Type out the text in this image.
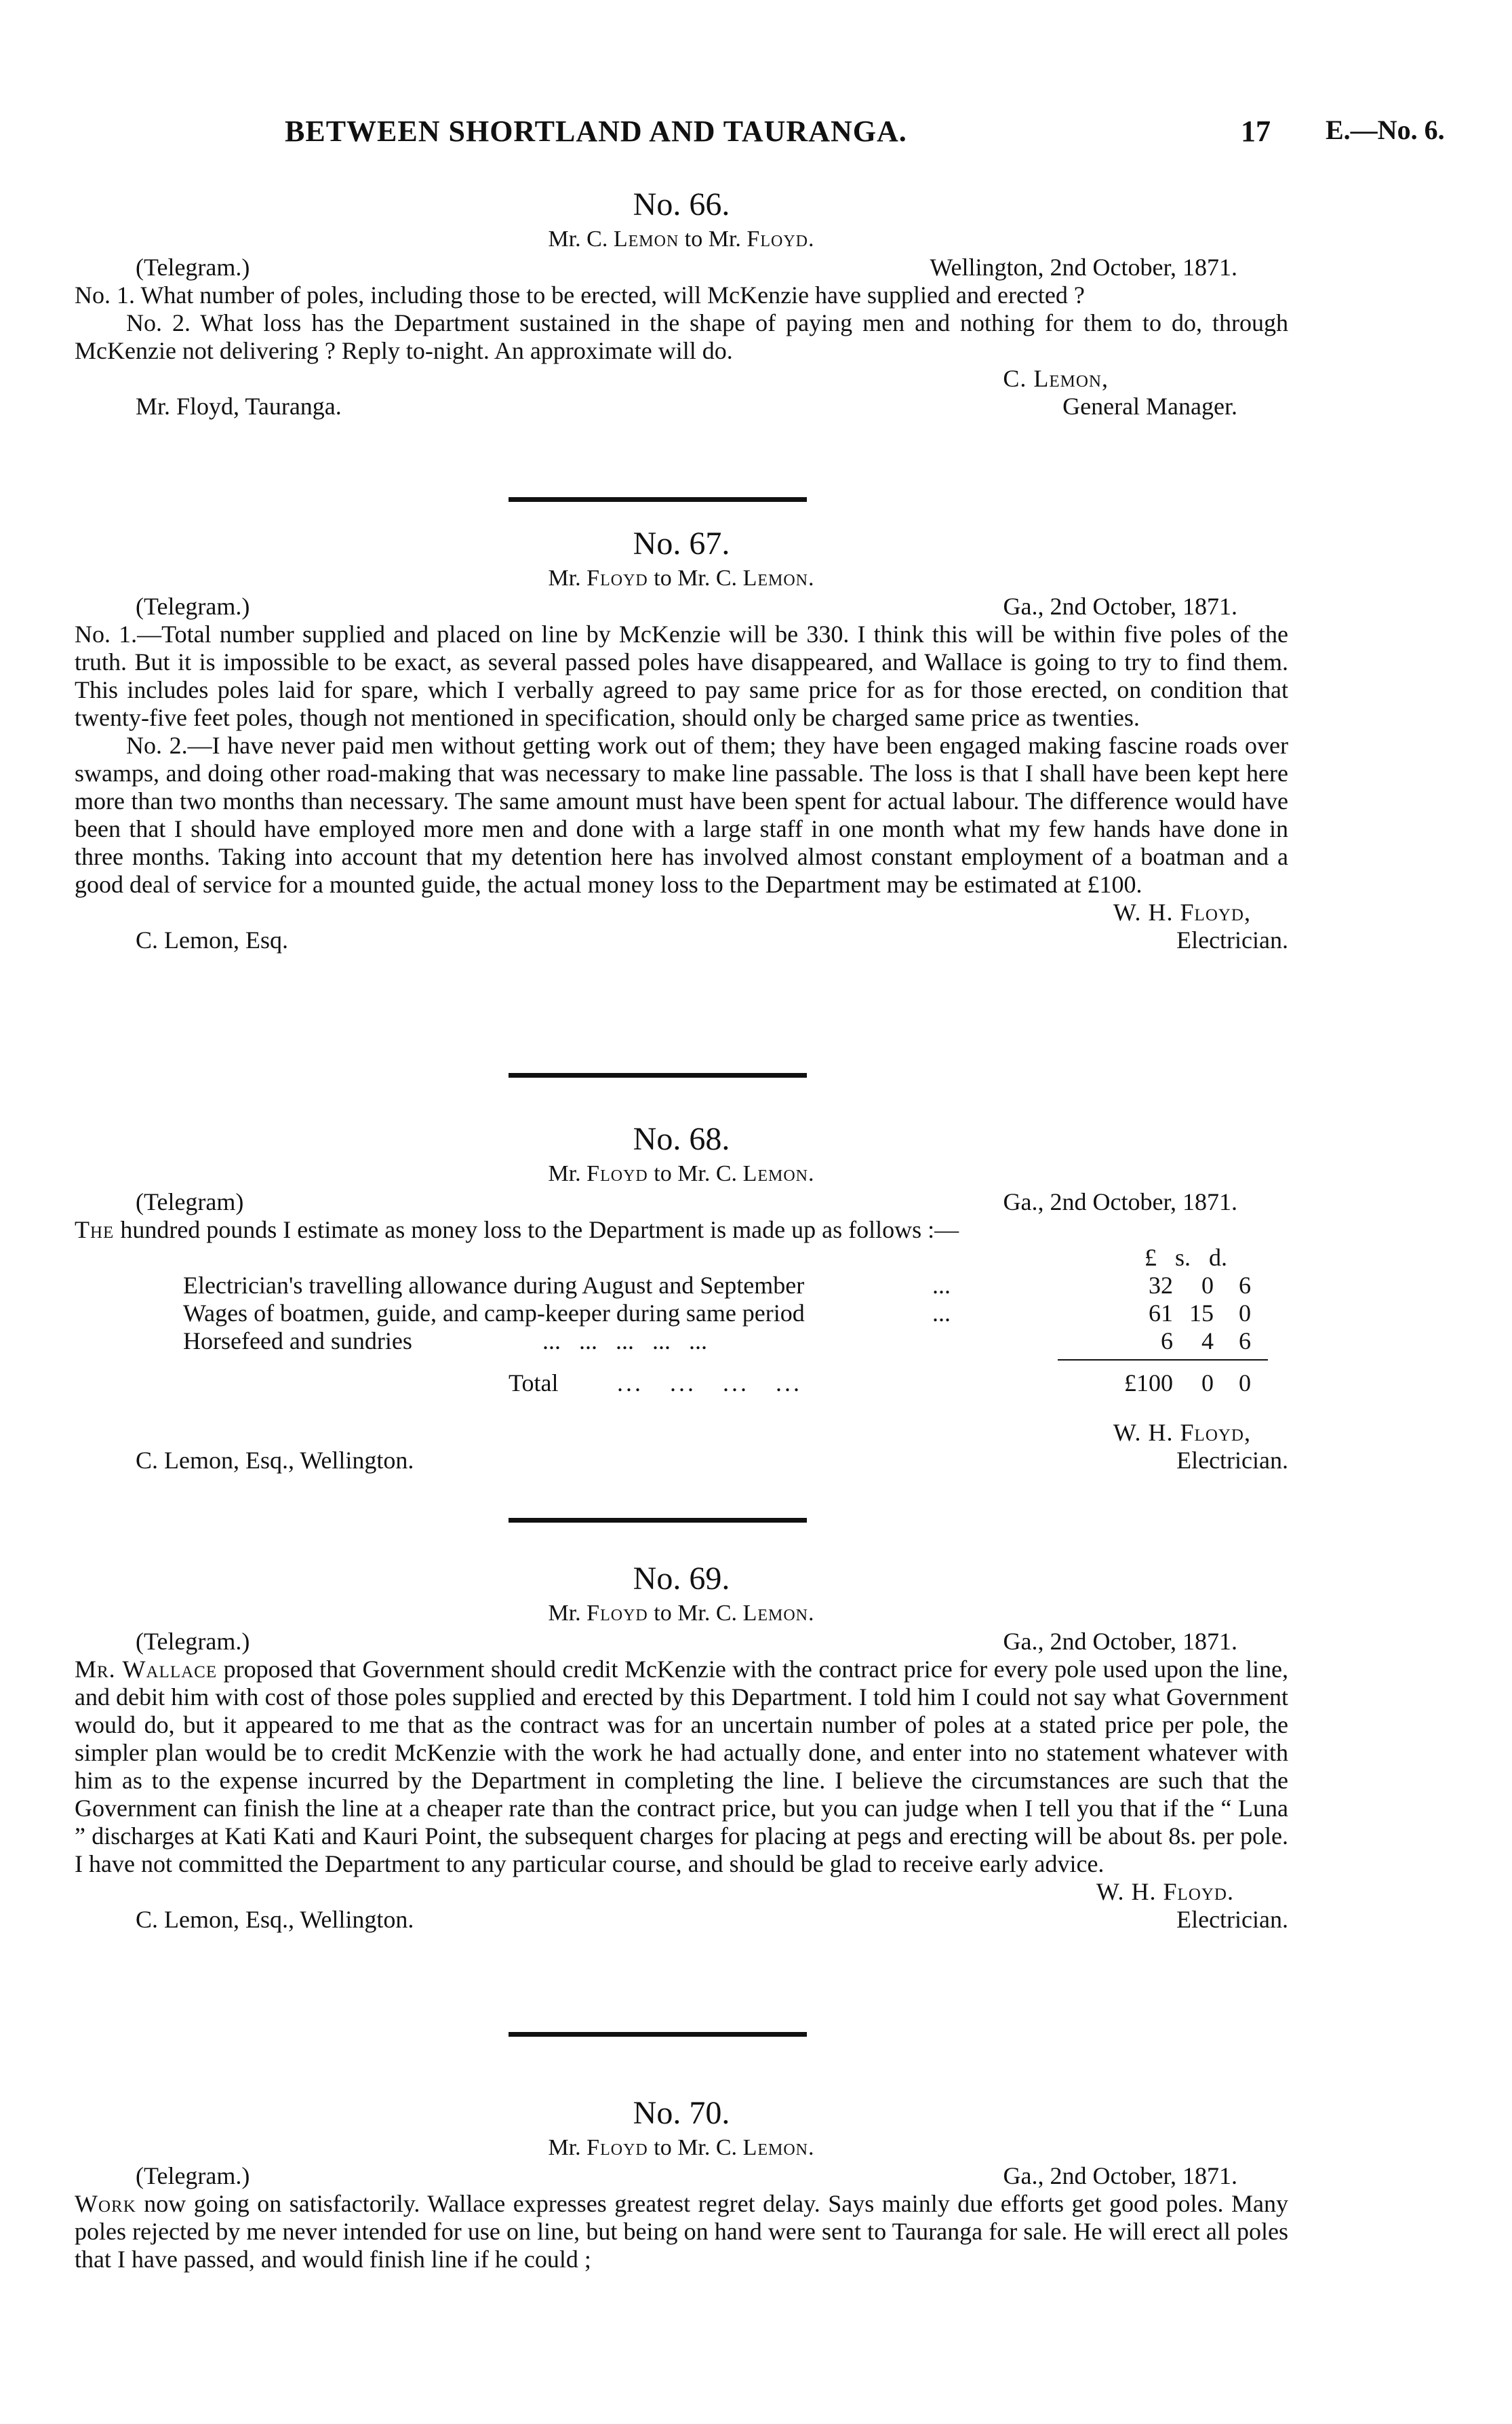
BETWEEN SHORTLAND AND TAURANGA.	17 E.—No. 6.
No. 66.
Mr. C. Lemon to Mr. Floyd.
(Telegram.)	Wellington, 2nd October, 1871.

No. 1. What number of poles, including those to be erected, will McKenzie have supplied and erected ?

No. 2. What loss has the Department sustained in the shape of paying men and nothing for them to do, through McKenzie not delivering ? Reply to-night. An approximate will do.

C. Lemon,
General Manager.
Mr. Floyd, Tauranga.
No. 67.
Mr. Floyd to Mr. C. Lemon.
(Telegram.)	Ga., 2nd October, 1871.

No. 1.—Total number supplied and placed on line by McKenzie will be 330. I think this will be within five poles of the truth. But it is impossible to be exact, as several passed poles have disappeared, and Wallace is going to try to find them. This includes poles laid for spare, which I verbally agreed to pay same price for as for those erected, on condition that twenty-five feet poles, though not mentioned in specification, should only be charged same price as twenties.

No. 2.—I have never paid men without getting work out of them; they have been engaged making fascine roads over swamps, and doing other road-making that was necessary to make line passable. The loss is that I shall have been kept here more than two months than necessary. The same amount must have been spent for actual labour. The difference would have been that I should have employed more men and done with a large staff in one month what my few hands have done in three months. Taking into account that my detention here has involved almost constant employment of a boatman and a good deal of service for a mounted guide, the actual money loss to the Department may be estimated at £100.

W. H. Floyd,
Electrician.
C. Lemon, Esq.
No. 68.
Mr. Floyd to Mr. C. Lemon.
(Telegram)	Ga., 2nd October, 1871.

The hundred pounds I estimate as money loss to the Department is made up as follows :—

£   s.   d.
Electrician's travelling allowance during August and September	...	32 0 6
Wages of boatmen, guide, and camp-keeper during same period	...	61 15 0
Horsefeed and sundries	...   ...   ...   ...   ...	6 4 6
Total ...   ...   ...   ...	£100 0 0
W. H. Floyd,
Electrician.
C. Lemon, Esq., Wellington.
No. 69.
Mr. Floyd to Mr. C. Lemon.
(Telegram.)	Ga., 2nd October, 1871.

Mr. Wallace proposed that Government should credit McKenzie with the contract price for every pole used upon the line, and debit him with cost of those poles supplied and erected by this Department. I told him I could not say what Government would do, but it appeared to me that as the contract was for an uncertain number of poles at a stated price per pole, the simpler plan would be to credit McKenzie with the work he had actually done, and enter into no statement whatever with him as to the expense incurred by the Department in completing the line. I believe the circumstances are such that the Government can finish the line at a cheaper rate than the contract price, but you can judge when I tell you that if the “ Luna ” discharges at Kati Kati and Kauri Point, the subsequent charges for placing at pegs and erecting will be about 8s. per pole. I have not committed the Department to any particular course, and should be glad to receive early advice.

W. H. Floyd.
Electrician.
C. Lemon, Esq., Wellington.
No. 70.
Mr. Floyd to Mr. C. Lemon.
(Telegram.)	Ga., 2nd October, 1871.

Work now going on satisfactorily. Wallace expresses greatest regret delay. Says mainly due efforts get good poles. Many poles rejected by me never intended for use on line, but being on hand were sent to Tauranga for sale. He will erect all poles that I have passed, and would finish line if he could ;
